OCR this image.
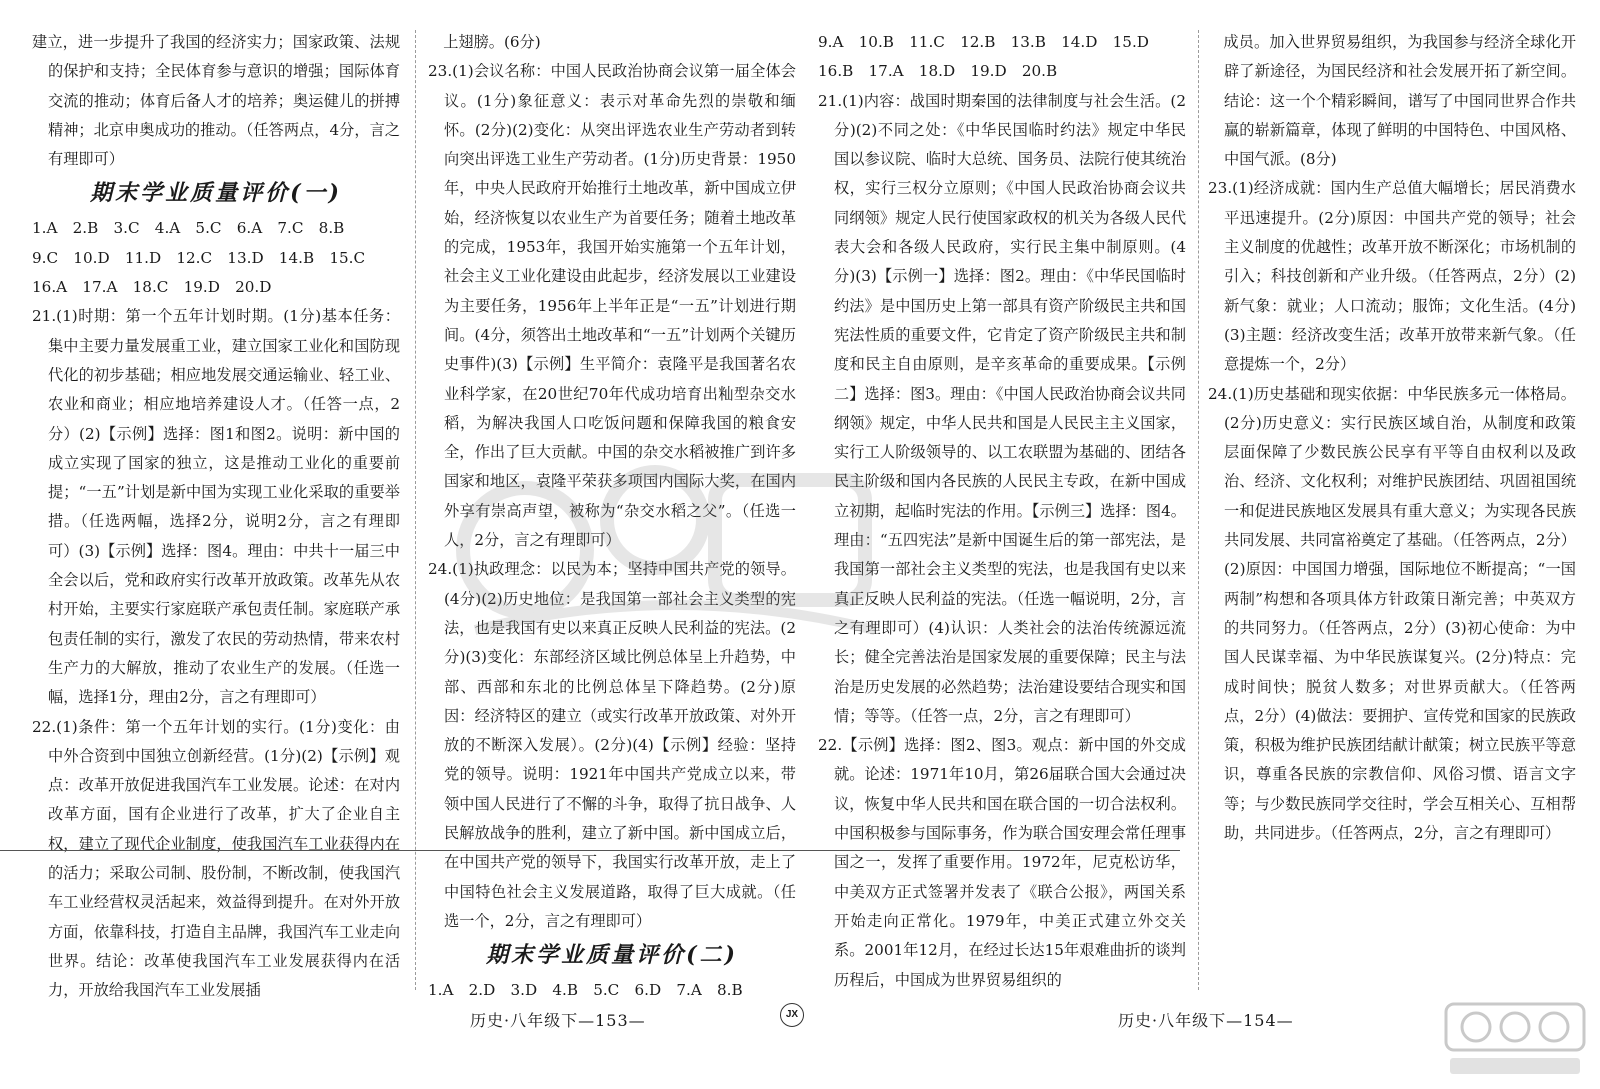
建立，进一步提升了我国的经济实力；国家政策、法规的保护和支持；全民体育参与意识的增强；国际体育交流的推动；体育后备人才的培养；奥运健儿的拼搏精神；北京申奥成功的推动。（任答两点，4分，言之有理即可）

期末学业质量评价(一)

1.A　2.B　3.C　4.A　5.C　6.A　7.C　8.B

9.C　10.D　11.D　12.C　13.D　14.B　15.C

16.A　17.A　18.C　19.D　20.D

21.(1)时期：第一个五年计划时期。(1分)基本任务：集中主要力量发展重工业，建立国家工业化和国防现代化的初步基础；相应地发展交通运输业、轻工业、农业和商业；相应地培养建设人才。（任答一点，2分）(2)【示例】选择：图1和图2。说明：新中国的成立实现了国家的独立，这是推动工业化的重要前提；“一五”计划是新中国为实现工业化采取的重要举措。（任选两幅，选择2分，说明2分，言之有理即可）(3)【示例】选择：图4。理由：中共十一届三中全会以后，党和政府实行改革开放政策。改革先从农村开始，主要实行家庭联产承包责任制。家庭联产承包责任制的实行，激发了农民的劳动热情，带来农村生产力的大解放，推动了农业生产的发展。（任选一幅，选择1分，理由2分，言之有理即可）

22.(1)条件：第一个五年计划的实行。(1分)变化：由中外合资到中国独立创新经营。(1分)(2)【示例】观点：改革开放促进我国汽车工业发展。论述：在对内改革方面，国有企业进行了改革，扩大了企业自主权，建立了现代企业制度，使我国汽车工业获得内在的活力；采取公司制、股份制，不断改制，使我国汽车工业经营权灵活起来，效益得到提升。在对外开放方面，依靠科技，打造自主品牌，我国汽车工业走向世界。结论：改革使我国汽车工业发展获得内在活力，开放给我国汽车工业发展插

　上翅膀。(6分)

23.(1)会议名称：中国人民政治协商会议第一届全体会议。(1分)象征意义：表示对革命先烈的崇敬和缅怀。(2分)(2)变化：从突出评选农业生产劳动者到转向突出评选工业生产劳动者。(1分)历史背景：1950年，中央人民政府开始推行土地改革，新中国成立伊始，经济恢复以农业生产为首要任务；随着土地改革的完成，1953年，我国开始实施第一个五年计划，社会主义工业化建设由此起步，经济发展以工业建设为主要任务，1956年上半年正是“一五”计划进行期间。(4分，须答出土地改革和“一五”计划两个关键历史事件)(3)【示例】生平简介：袁隆平是我国著名农业科学家，在20世纪70年代成功培育出籼型杂交水稻，为解决我国人口吃饭问题和保障我国的粮食安全，作出了巨大贡献。中国的杂交水稻被推广到许多国家和地区，袁隆平荣获多项国内国际大奖，在国内外享有崇高声望，被称为“杂交水稻之父”。（任选一人，2分，言之有理即可）

24.(1)执政理念：以民为本；坚持中国共产党的领导。(4分)(2)历史地位：是我国第一部社会主义类型的宪法，也是我国有史以来真正反映人民利益的宪法。(2分)(3)变化：东部经济区域比例总体呈上升趋势，中部、西部和东北的比例总体呈下降趋势。(2分)原因：经济特区的建立（或实行改革开放政策、对外开放的不断深入发展）。(2分)(4)【示例】经验：坚持党的领导。说明：1921年中国共产党成立以来，带领中国人民进行了不懈的斗争，取得了抗日战争、人民解放战争的胜利，建立了新中国。新中国成立后，在中国共产党的领导下，我国实行改革开放，走上了中国特色社会主义发展道路，取得了巨大成就。（任选一个，2分，言之有理即可）

期末学业质量评价(二)

1.A　2.D　3.D　4.B　5.C　6.D　7.A　8.B

9.A　10.B　11.C　12.B　13.B　14.D　15.D

16.B　17.A　18.D　19.D　20.B

21.(1)内容：战国时期秦国的法律制度与社会生活。(2分)(2)不同之处：《中华民国临时约法》规定中华民国以参议院、临时大总统、国务员、法院行使其统治权，实行三权分立原则；《中国人民政治协商会议共同纲领》规定人民行使国家政权的机关为各级人民代表大会和各级人民政府，实行民主集中制原则。(4分)(3)【示例一】选择：图2。理由：《中华民国临时约法》是中国历史上第一部具有资产阶级民主共和国宪法性质的重要文件，它肯定了资产阶级民主共和制度和民主自由原则，是辛亥革命的重要成果。【示例二】选择：图3。理由：《中国人民政治协商会议共同纲领》规定，中华人民共和国是人民民主主义国家，实行工人阶级领导的、以工农联盟为基础的、团结各民主阶级和国内各民族的人民民主专政，在新中国成立初期，起临时宪法的作用。【示例三】选择：图4。理由：“五四宪法”是新中国诞生后的第一部宪法，是我国第一部社会主义类型的宪法，也是我国有史以来真正反映人民利益的宪法。（任选一幅说明，2分，言之有理即可）(4)认识：人类社会的法治传统源远流长；健全完善法治是国家发展的重要保障；民主与法治是历史发展的必然趋势；法治建设要结合现实和国情；等等。（任答一点，2分，言之有理即可）

22.【示例】选择：图2、图3。观点：新中国的外交成就。论述：1971年10月，第26届联合国大会通过决议，恢复中华人民共和国在联合国的一切合法权利。中国积极参与国际事务，作为联合国安理会常任理事国之一，发挥了重要作用。1972年，尼克松访华，中美双方正式签署并发表了《联合公报》，两国关系开始走向正常化。1979年，中美正式建立外交关系。2001年12月，在经过长达15年艰难曲折的谈判历程后，中国成为世界贸易组织的

　成员。加入世界贸易组织，为我国参与经济全球化开辟了新途径，为国民经济和社会发展开拓了新空间。结论：这一个个精彩瞬间，谱写了中国同世界合作共赢的崭新篇章，体现了鲜明的中国特色、中国风格、中国气派。(8分)

23.(1)经济成就：国内生产总值大幅增长；居民消费水平迅速提升。(2分)原因：中国共产党的领导；社会主义制度的优越性；改革开放不断深化；市场机制的引入；科技创新和产业升级。（任答两点，2分）(2)新气象：就业；人口流动；服饰；文化生活。(4分)(3)主题：经济改变生活；改革开放带来新气象。（任意提炼一个，2分）

24.(1)历史基础和现实依据：中华民族多元一体格局。(2分)历史意义：实行民族区域自治，从制度和政策层面保障了少数民族公民享有平等自由权利以及政治、经济、文化权利；对维护民族团结、巩固祖国统一和促进民族地区发展具有重大意义；为实现各民族共同发展、共同富裕奠定了基础。（任答两点，2分）(2)原因：中国国力增强，国际地位不断提高；“一国两制”构想和各项具体方针政策日渐完善；中英双方的共同努力。（任答两点，2分）(3)初心使命：为中国人民谋幸福、为中华民族谋复兴。(2分)特点：完成时间快；脱贫人数多；对世界贡献大。（任答两点，2分）(4)做法：要拥护、宣传党和国家的民族政策，积极为维护民族团结献计献策；树立民族平等意识，尊重各民族的宗教信仰、风俗习惯、语言文字等；与少数民族同学交往时，学会互相关心、互相帮助，共同进步。（任答两点，2分，言之有理即可）

历史·八年级下—153—	JX	历史·八年级下—154—
